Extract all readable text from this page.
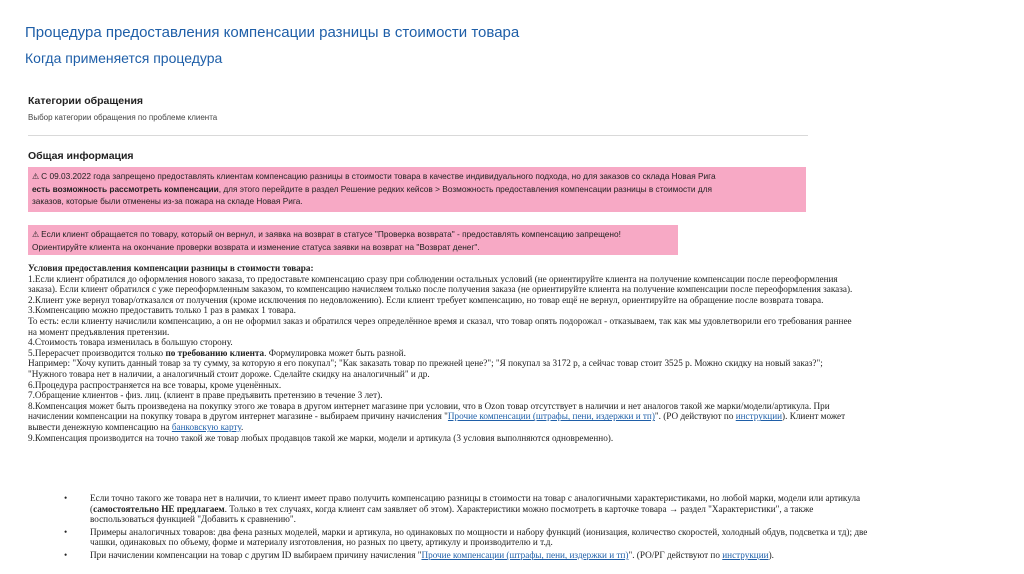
Процедура предоставления компенсации разницы в стоимости товара
Когда применяется процедура
Категории обращения
Выбор категории обращения по проблеме клиента
Общая информация
⚠ С 09.03.2022 года запрещено предоставлять клиентам компенсацию разницы в стоимости товара в качестве индивидуального подхода, но для заказов со склада Новая Рига
есть возможность рассмотреть компенсации, для этого перейдите в раздел Решение редких кейсов > Возможность предоставления компенсации разницы в стоимости для
заказов, которые были отменены из-за пожара на складе Новая Рига.
⚠ Если клиент обращается по товару, который он вернул, и заявка на возврат в статусе "Проверка возврата" - предоставлять компенсацию запрещено!
Ориентируйте клиента на окончание проверки возврата и изменение статуса заявки на возврат на "Возврат денег".

Условия предоставления компенсации разницы в стоимости товара:

1.Если клиент обратился до оформления нового заказа, то предоставьте компенсацию сразу при соблюдении остальных условий (не ориентируйте клиента на получение компенсации после переоформления

заказа). Если клиент обратился с уже переоформленным заказом, то компенсацию начисляем только после получения заказа (не ориентируйте клиента на получение компенсации после переоформления заказа).

2.Клиент уже вернул товар/отказался от получения (кроме исключения по недовложению). Если клиент требует компенсацию, но товар ещё не вернул, ориентируйте на обращение после возврата товара.

3.Компенсацию можно предоставить только 1 раз в рамках 1 товара.

То есть: если клиенту начислили компенсацию, а он не оформил заказ и обратился через определённое время и сказал, что товар опять подорожал - отказываем, так как мы удовлетворили его требования раннее

на момент предъявления претензии.

4.Стоимость товара изменилась в большую сторону.

5.Перерасчет производится только по требованию клиента. Формулировка может быть разной.

Например: "Хочу купить данный товар за ту сумму, за которую я его покупал"; "Как заказать товар по прежней цене?"; "Я покупал за 3172 р, а сейчас товар стоит 3525 р. Можно скидку на новый заказ?";

"Нужного товара нет в наличии, а аналогичный стоит дороже. Сделайте скидку на аналогичный" и др.

6.Процедура распространяется на все товары, кроме уценённых.

7.Обращение клиентов - физ. лиц. (клиент в праве предъявить претензию в течение 3 лет).

8.Компенсация может быть произведена на покупку этого же товара в другом интернет магазине при условии, что в Ozon товар отсутствует в наличии и нет аналогов такой же марки/модели/артикула. При

начислении компенсации на покупку товара в другом интернет магазине - выбираем причину начисления "Прочие компенсации (штрафы, пени, издержки и тп)". (РО действуют по инструкции). Клиент может

вывести денежную компенсацию на банковскую карту.

9.Компенсация производится на точно такой же товар любых продавцов такой же марки, модели и артикула (3 условия выполняются одновременно).

• Если точно такого же товара нет в наличии, то клиент имеет право получить компенсацию разницы в стоимости на товар с аналогичными характеристиками, но любой марки, модели или артикула
(самостоятельно НЕ предлагаем. Только в тех случаях, когда клиент сам заявляет об этом). Характеристики можно посмотреть в карточке товара → раздел "Характеристики", а также
воспользоваться функцией "Добавить к сравнению".
• Примеры аналогичных товаров: два фена разных моделей, марки и артикула, но одинаковых по мощности и набору функций (ионизация, количество скоростей, холодный обдув, подсветка и тд); две
чашки, одинаковых по объему, форме и материалу изготовления, но разных по цвету, артикулу и производителю и т.д.
• При начислении компенсации на товар с другим ID выбираем причину начисления "Прочие компенсации (штрафы, пени, издержки и тп)". (РО/РГ действуют по инструкции).
